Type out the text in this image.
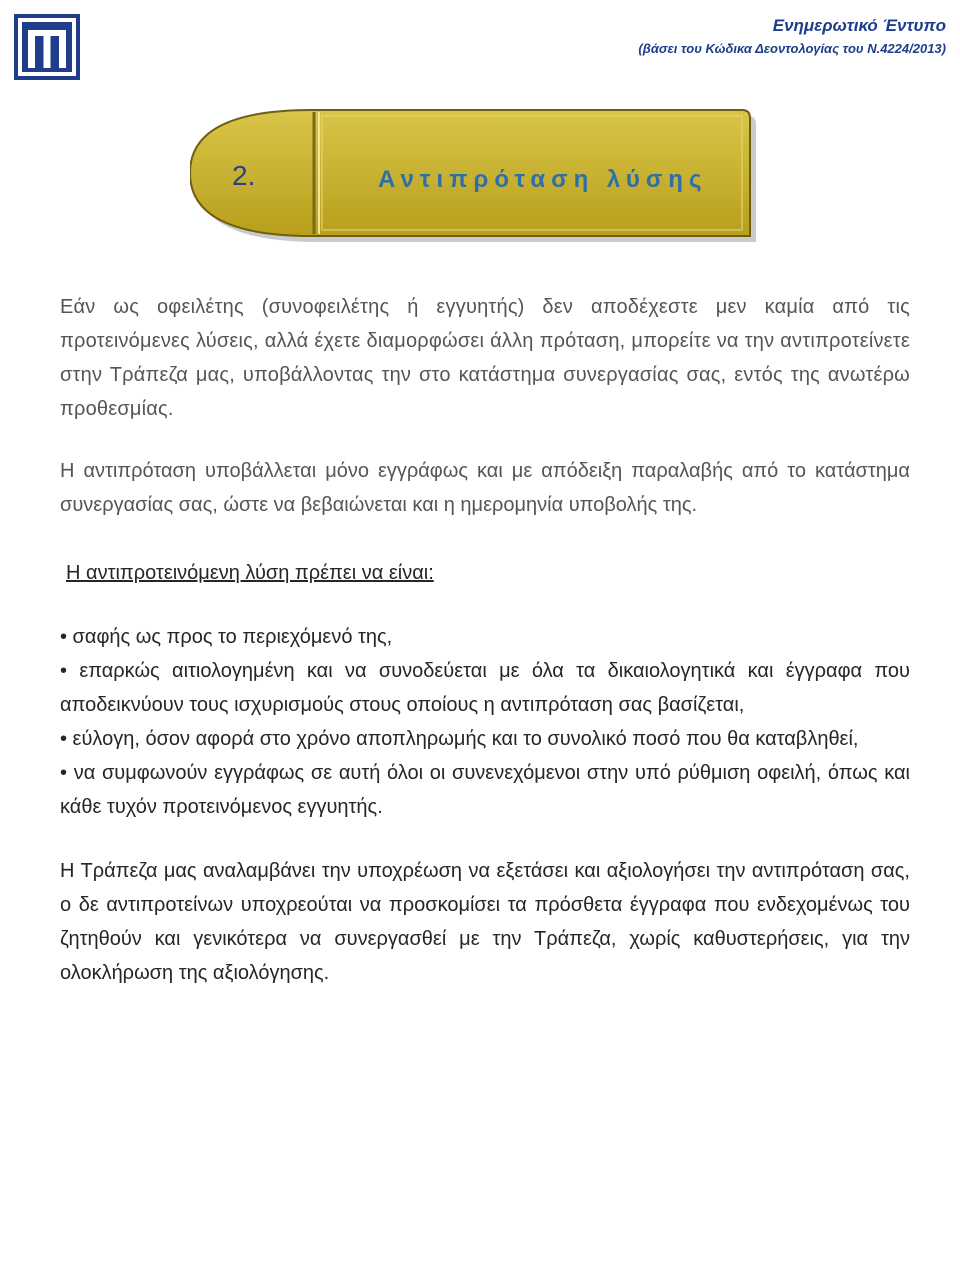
Ενημερωτικό Έντυπο
(βάσει του Κώδικα Δεοντολογίας του Ν.4224/2013)
2.	Αντιπρόταση λύσης

Εάν ως οφειλέτης (συνοφειλέτης ή εγγυητής) δεν αποδέχεστε μεν καμία από τις προτεινόμενες λύσεις, αλλά έχετε διαμορφώσει άλλη πρόταση, μπορείτε να την αντιπροτείνετε στην Τράπεζα μας, υποβάλλοντας την στο κατάστημα συνεργασίας σας, εντός της ανωτέρω προθεσμίας.

Η αντιπρόταση υποβάλλεται μόνο εγγράφως και με απόδειξη παραλαβής από το κατάστημα συνεργασίας σας, ώστε να βεβαιώνεται και η ημερομηνία υποβολής της.

Η αντιπροτεινόμενη λύση πρέπει να είναι:

• σαφής ως προς το περιεχόμενό της,

• επαρκώς αιτιολογημένη και να συνοδεύεται με όλα τα δικαιολογητικά και έγγραφα που αποδεικνύουν τους ισχυρισμούς στους οποίους η αντιπρόταση σας βασίζεται,

• εύλογη, όσον αφορά στο χρόνο αποπληρωμής και το συνολικό ποσό που θα καταβληθεί,

• να συμφωνούν εγγράφως σε αυτή όλοι οι συνενεχόμενοι στην υπό ρύθμιση οφειλή, όπως και κάθε τυχόν προτεινόμενος εγγυητής.

Η Τράπεζα μας αναλαμβάνει την υποχρέωση να εξετάσει και αξιολογήσει την αντιπρόταση σας, ο δε αντιπροτείνων υποχρεούται να προσκομίσει τα πρόσθετα έγγραφα που ενδεχομένως του ζητηθούν και γενικότερα να συνεργασθεί με την Τράπεζα, χωρίς καθυστερήσεις, για την ολοκλήρωση της αξιολόγησης.
